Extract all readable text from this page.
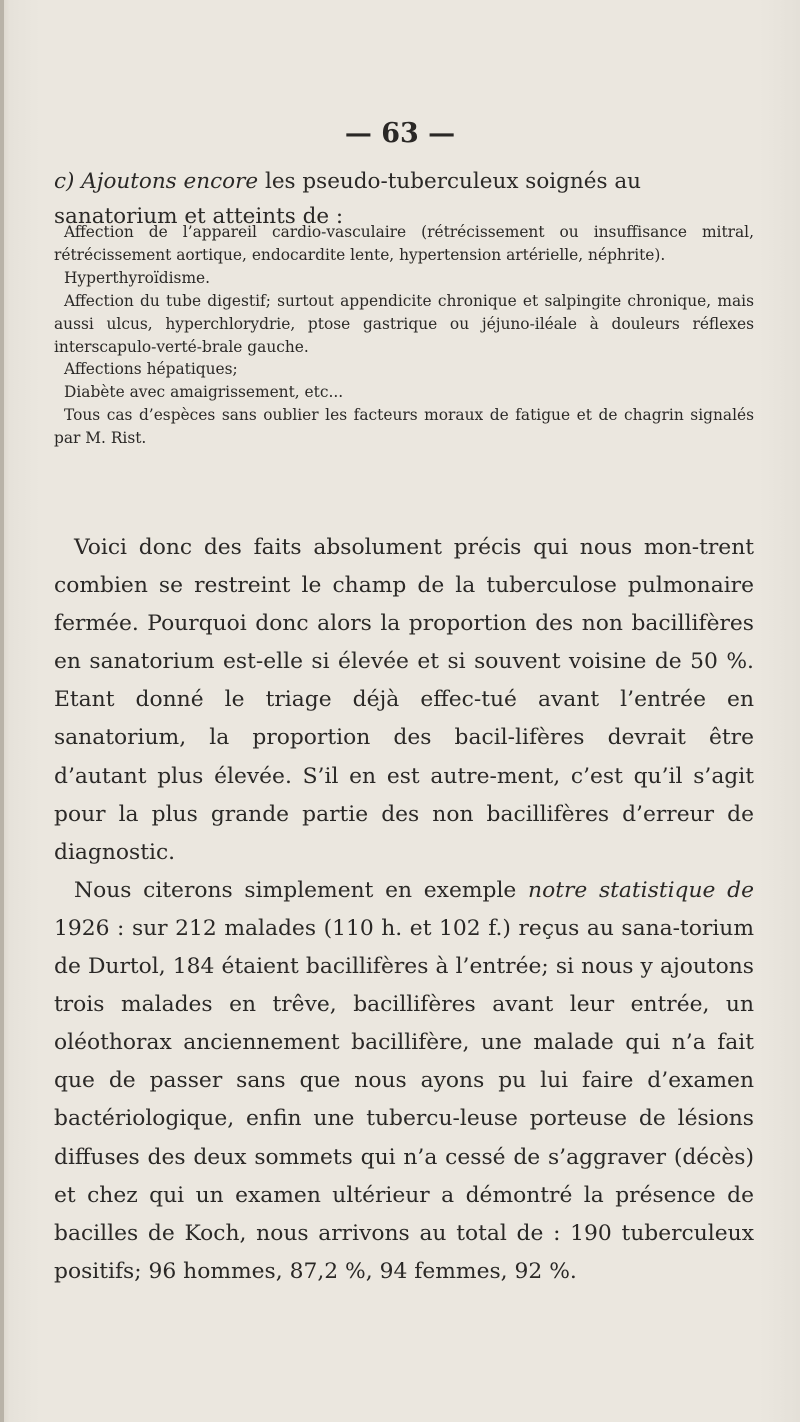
— 63 —
c) Ajoutons encore les pseudo-tuberculeux soignés au sanatorium et atteints de :

Affection de l’appareil cardio-vasculaire (rétrécissement ou insuffisance mitral, rétrécissement aortique, endocardite lente, hypertension artérielle, néphrite).

Hyperthyroïdisme.

Affection du tube digestif; surtout appendicite chronique et salpingite chronique, mais aussi ulcus, hyperchlorydrie, ptose gastrique ou jéjuno-iléale à douleurs réflexes interscapulo-verté-brale gauche.

Affections hépatiques;

Diabète avec amaigrissement, etc...

Tous cas d’espèces sans oublier les facteurs moraux de fatigue et de chagrin signalés par M. Rist.

Voici donc des faits absolument précis qui nous mon-trent combien se restreint le champ de la tuberculose pulmonaire fermée. Pourquoi donc alors la proportion des non bacillifères en sanatorium est-elle si élevée et si souvent voisine de 50 %. Etant donné le triage déjà effec-tué avant l’entrée en sanatorium, la proportion des bacil-lifères devrait être d’autant plus élevée. S’il en est autre-ment, c’est qu’il s’agit pour la plus grande partie des non bacillifères d’erreur de diagnostic.

Nous citerons simplement en exemple notre statistique de 1926 : sur 212 malades (110 h. et 102 f.) reçus au sana-torium de Durtol, 184 étaient bacillifères à l’entrée; si nous y ajoutons trois malades en trêve, bacillifères avant leur entrée, un oléothorax anciennement bacillifère, une malade qui n’a fait que de passer sans que nous ayons pu lui faire d’examen bactériologique, enfin une tubercu-leuse porteuse de lésions diffuses des deux sommets qui n’a cessé de s’aggraver (décès) et chez qui un examen ultérieur a démontré la présence de bacilles de Koch, nous arrivons au total de : 190 tuberculeux positifs; 96 hommes, 87,2 %, 94 femmes, 92 %.
